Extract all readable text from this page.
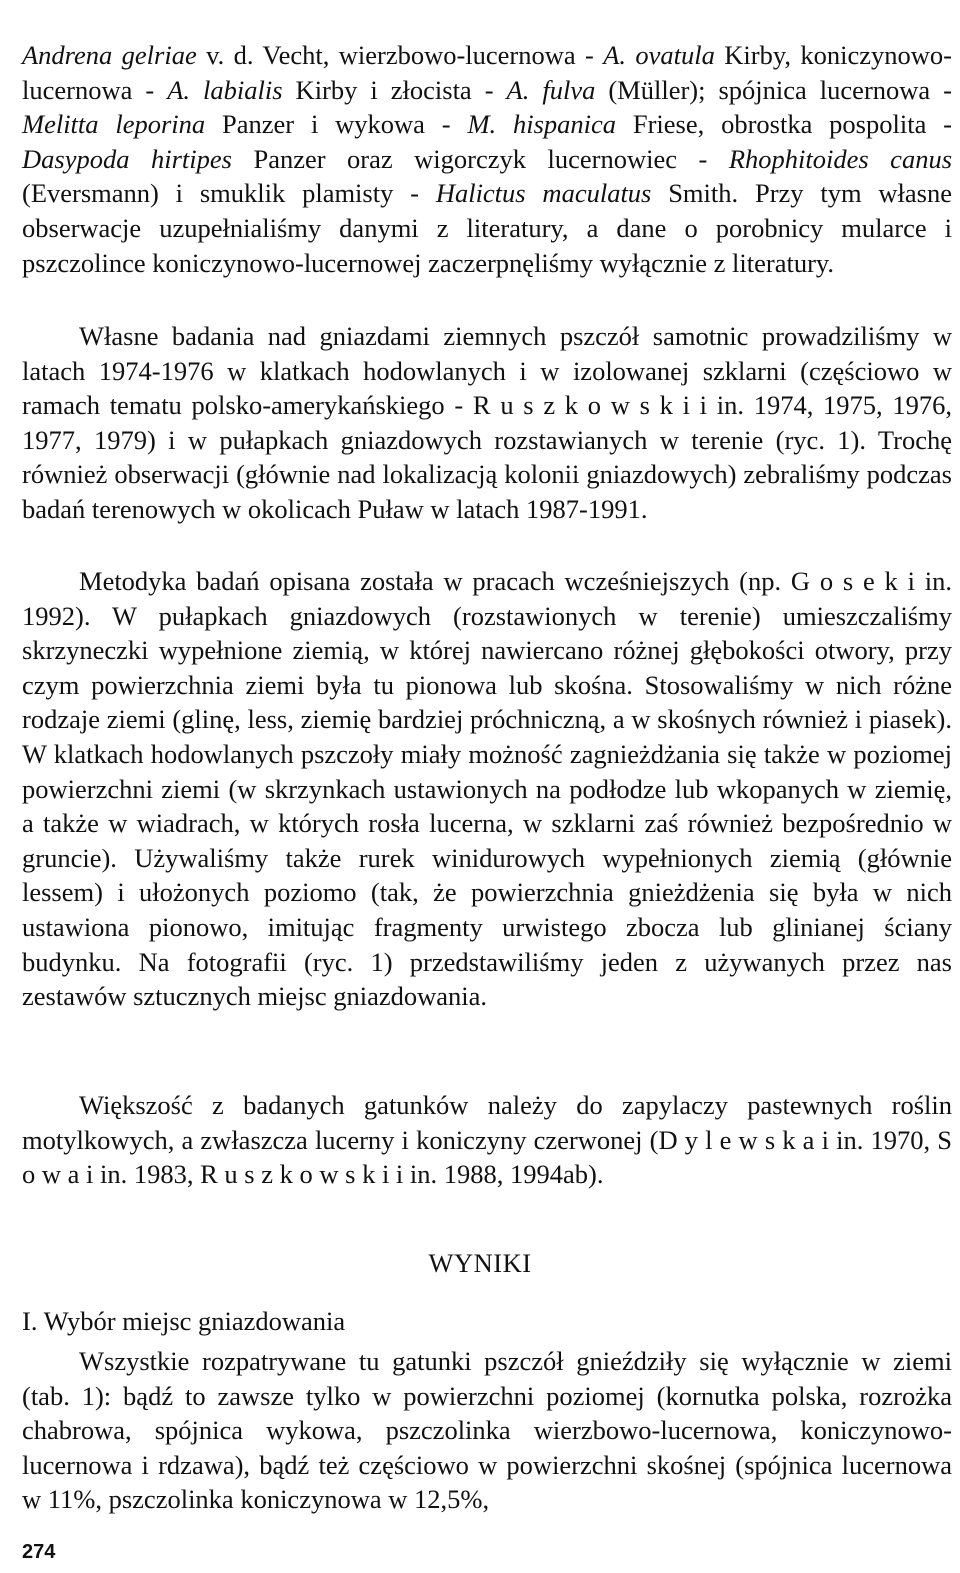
Andrena gelriae v. d. Vecht, wierzbowo-lucernowa - A. ovatula Kirby, koniczynowo-lucernowa - A. labialis Kirby i złocista - A. fulva (Müller); spójnica lucernowa - Melitta leporina Panzer i wykowa - M. hispanica Friese, obrostka pospolita - Dasypoda hirtipes Panzer oraz wigorczyk lucernowiec - Rhophitoides canus (Eversmann) i smuklik plamisty - Halictus maculatus Smith. Przy tym własne obserwacje uzupełnialiśmy danymi z literatury, a dane o porobnicy mularce i pszczolince koniczynowo-lucernowej zaczerpnęliśmy wyłącznie z literatury.

Własne badania nad gniazdami ziemnych pszczół samotnic prowadziliśmy w latach 1974-1976 w klatkach hodowlanych i w izolowanej szklarni (częściowo w ramach tematu polsko-amerykańskiego - R u s z k o w s k i i in. 1974, 1975, 1976, 1977, 1979) i w pułapkach gniazdowych rozstawianych w terenie (ryc. 1). Trochę również obserwacji (głównie nad lokalizacją kolonii gniazdowych) zebraliśmy podczas badań terenowych w okolicach Puław w latach 1987-1991.

Metodyka badań opisana została w pracach wcześniejszych (np. G o s e k i in. 1992). W pułapkach gniazdowych (rozstawionych w terenie) umieszczaliśmy skrzyneczki wypełnione ziemią, w której nawiercano różnej głębokości otwory, przy czym powierzchnia ziemi była tu pionowa lub skośna. Stosowaliśmy w nich różne rodzaje ziemi (glinę, less, ziemię bardziej próchniczną, a w skośnych również i piasek). W klatkach hodowlanych pszczoły miały możność zagnieżdżania się także w poziomej powierzchni ziemi (w skrzynkach ustawionych na podłodze lub wkopanych w ziemię, a także w wiadrach, w których rosła lucerna, w szklarni zaś również bezpośrednio w gruncie). Używaliśmy także rurek winidurowych wypełnionych ziemią (głównie lessem) i ułożonych poziomo (tak, że powierzchnia gnieżdżenia się była w nich ustawiona pionowo, imitując fragmenty urwistego zbocza lub glinianej ściany budynku. Na fotografii (ryc. 1) przedstawiliśmy jeden z używanych przez nas zestawów sztucznych miejsc gniazdowania.

Większość z badanych gatunków należy do zapylaczy pastewnych roślin motylkowych, a zwłaszcza lucerny i koniczyny czerwonej (D y l e w s k a i in. 1970, S o w a i in. 1983, R u s z k o w s k i i in. 1988, 1994ab).

WYNIKI
I. Wybór miejsc gniazdowania

Wszystkie rozpatrywane tu gatunki pszczół gnieździły się wyłącznie w ziemi (tab. 1): bądź to zawsze tylko w powierzchni poziomej (kornutka polska, rozrożka chabrowa, spójnica wykowa, pszczolinka wierzbowo-lucernowa, koniczynowo-lucernowa i rdzawa), bądź też częściowo w powierzchni skośnej (spójnica lucernowa w 11%, pszczolinka koniczynowa w 12,5%,

274
